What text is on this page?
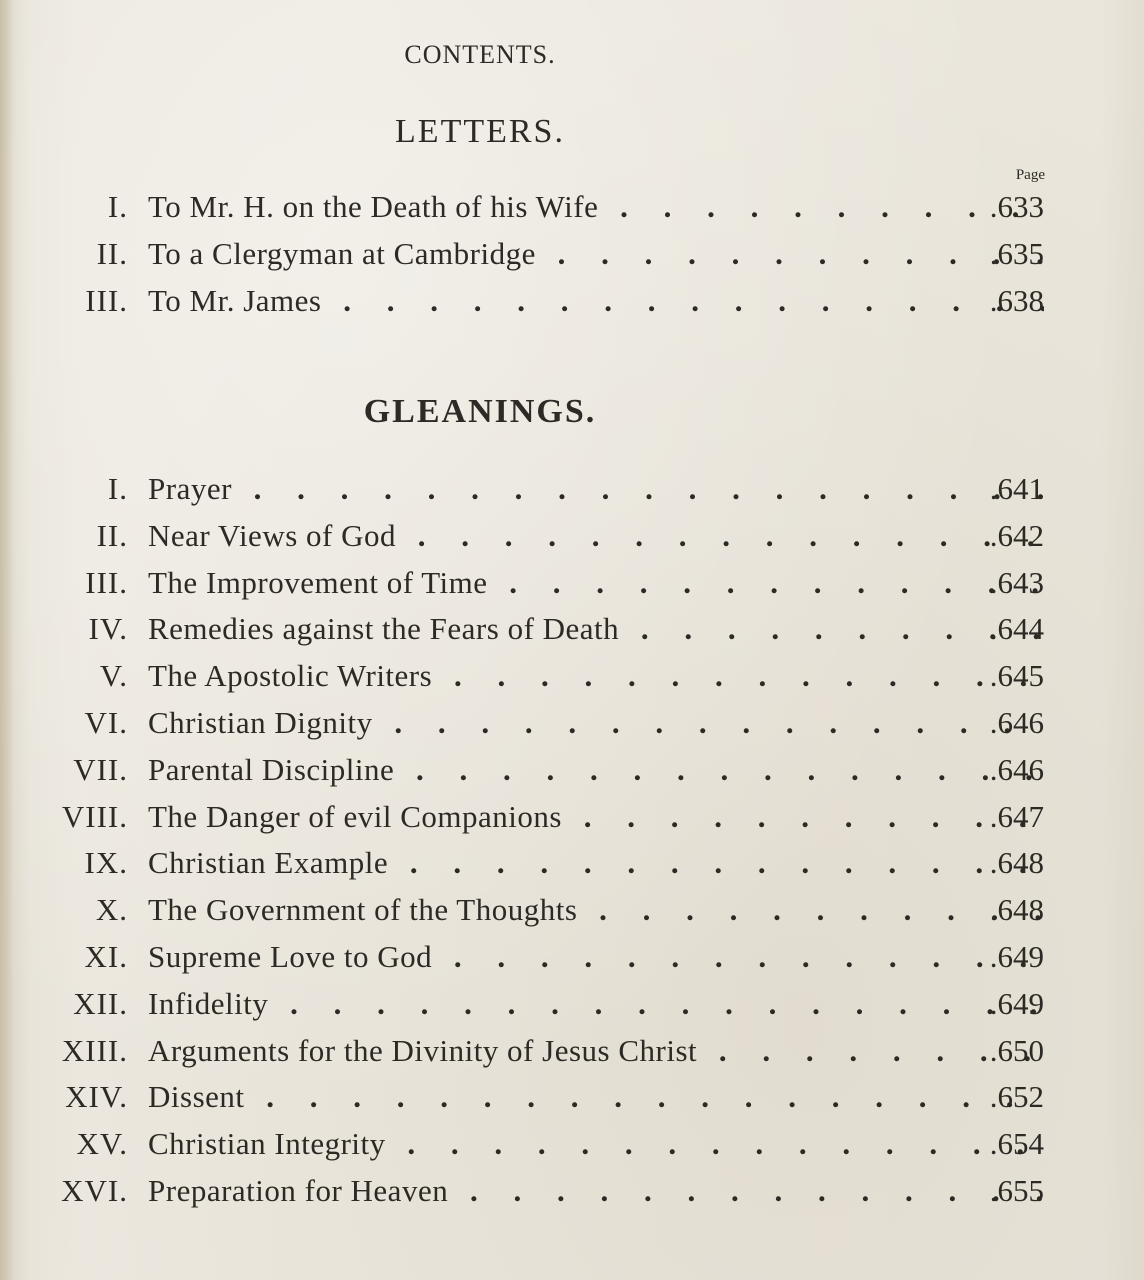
CONTENTS.
LETTERS.
Page
I. To Mr. H. on the Death of his Wife . . .	.633
II. To a Clergyman at Cambridge . . .	.635
III. To Mr. James . . .	.638
GLEANINGS.
I. Prayer . . .	.641
II. Near Views of God . . .	.642
III. The Improvement of Time . . .	.643
IV. Remedies against the Fears of Death . . .	.644
V. The Apostolic Writers . . .	.645
VI. Christian Dignity . . .	.646
VII. Parental Discipline . . .	.646
VIII. The Danger of evil Companions . . .	.647
IX. Christian Example . . .	.648
X. The Government of the Thoughts . . .	.648
XI. Supreme Love to God . . .	.649
XII. Infidelity . . .	.649
XIII. Arguments for the Divinity of Jesus Christ . . .	.650
XIV. Dissent . . .	.652
XV. Christian Integrity . . .	.654
XVI. Preparation for Heaven . . .	.655
